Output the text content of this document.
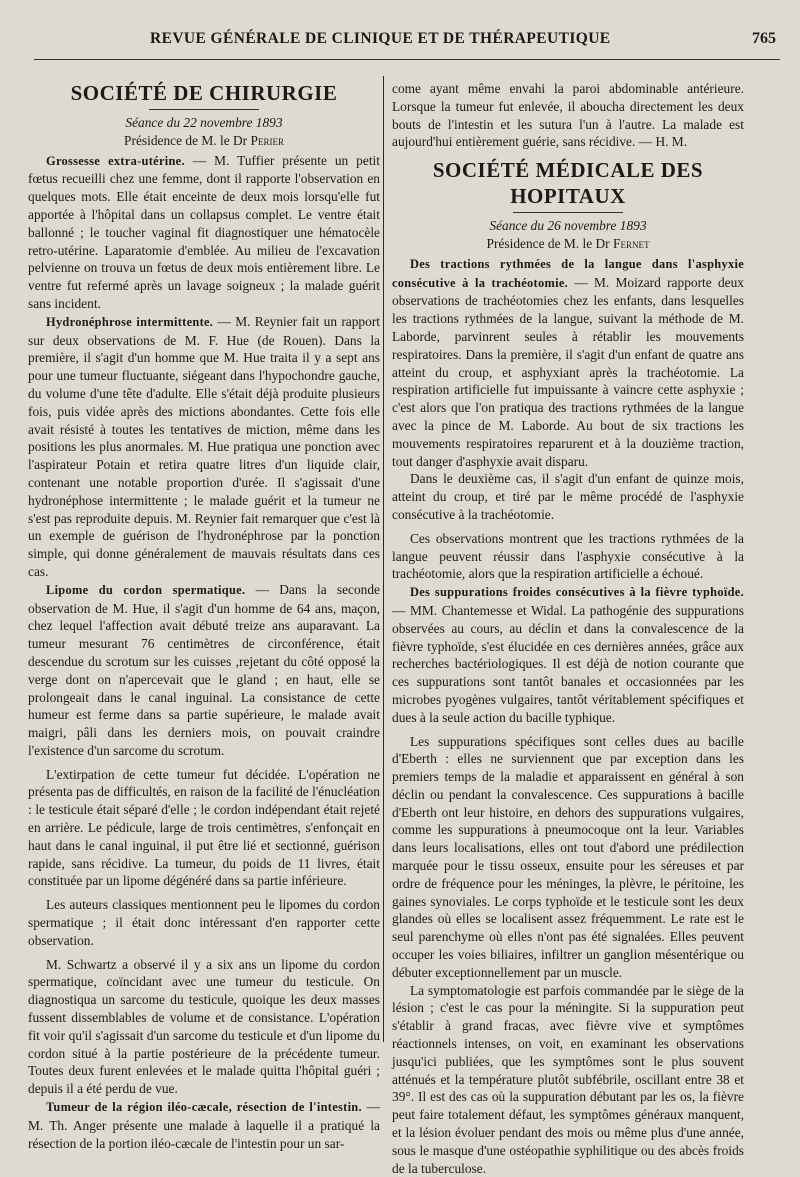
REVUE GÉNÉRALE DE CLINIQUE ET DE THÉRAPEUTIQUE	765
SOCIÉTÉ DE CHIRURGIE
Séance du 22 novembre 1893
Présidence de M. le Dr Perier

Grossesse extra-utérine. — M. Tuffier présente un petit fœtus recueilli chez une femme, dont il rapporte l'observation en quelques mots. Elle était enceinte de deux mois lorsqu'elle fut apportée à l'hôpital dans un collapsus complet. Le ventre était ballonné ; le toucher vaginal fit diagnostiquer une hématocèle retro-utérine. Laparatomie d'emblée. Au milieu de l'excavation pelvienne on trouva un fœtus de deux mois entièrement libre. Le ventre fut refermé après un lavage soigneux ; la malade guérit sans incident.

Hydronéphrose intermittente. — M. Reynier fait un rapport sur deux observations de M. F. Hue (de Rouen). Dans la première, il s'agit d'un homme que M. Hue traita il y a sept ans pour une tumeur fluctuante, siégeant dans l'hypochondre gauche, du volume d'une tête d'adulte. Elle s'était déjà produite plusieurs fois, puis vidée après des mictions abondantes. Cette fois elle avait résisté à toutes les tentatives de miction, même dans les positions les plus anormales. M. Hue pratiqua une ponction avec l'aspirateur Potain et retira quatre litres d'un liquide clair, contenant une notable proportion d'urée. Il s'agissait d'une hydronéphose intermittente ; le malade guérit et la tumeur ne s'est pas reproduite depuis. M. Reynier fait remarquer que c'est là un exemple de guérison de l'hydronéphrose par la ponction simple, qui donne généralement de mauvais résultats dans ces cas.

Lipome du cordon spermatique. — Dans la seconde observation de M. Hue, il s'agit d'un homme de 64 ans, maçon, chez lequel l'affection avait débuté treize ans auparavant. La tumeur mesurant 76 centimètres de circonférence, était descendue du scrotum sur les cuisses ,rejetant du côté opposé la verge dont on n'apercevait que le gland ; en haut, elle se prolongeait dans le canal inguinal. La consistance de cette humeur est ferme dans sa partie supérieure, le malade avait maigri, pâli dans les derniers mois, on pouvait craindre l'existence d'un sarcome du scrotum.

L'extirpation de cette tumeur fut décidée. L'opération ne présenta pas de difficultés, en raison de la facilité de l'énucléation : le testicule était séparé d'elle ; le cordon indépendant était rejeté en arrière. Le pédicule, large de trois centimètres, s'enfonçait en haut dans le canal inguinal, il put être lié et sectionné, guérison rapide, sans récidive. La tumeur, du poids de 11 livres, était constituée par un lipome dégénéré dans sa partie inférieure.

Les auteurs classiques mentionnent peu le lipomes du cordon spermatique ; il était donc intéressant d'en rapporter cette observation.

M. Schwartz a observé il y a six ans un lipome du cordon spermatique, coïncidant avec une tumeur du testicule. On diagnostiqua un sarcome du testicule, quoique les deux masses fussent dissemblables de volume et de consistance. L'opération fit voir qu'il s'agissait d'un sarcome du testicule et d'un lipome du cordon situé à la partie postérieure de la précédente tumeur. Toutes deux furent enlevées et le malade quitta l'hôpital guéri ; depuis il a été perdu de vue.

Tumeur de la région iléo-cæcale, résection de l'intestin. — M. Th. Anger présente une malade à laquelle il a pratiqué la résection de la portion iléo-cæcale de l'intestin pour un sar-

come ayant même envahi la paroi abdominable antérieure. Lorsque la tumeur fut enlevée, il aboucha directement les deux bouts de l'intestin et les sutura l'un à l'autre. La malade est aujourd'hui entièrement guérie, sans récidive. — H. M.

SOCIÉTÉ MÉDICALE DES HOPITAUX
Séance du 26 novembre 1893
Présidence de M. le Dr Fernet

Des tractions rythmées de la langue dans l'asphyxie consécutive à la trachéotomie. — M. Moizard rapporte deux observations de trachéotomies chez les enfants, dans lesquelles les tractions rythmées de la langue, suivant la méthode de M. Laborde, parvinrent seules à rétablir les mouvements respiratoires. Dans la première, il s'agit d'un enfant de quatre ans atteint du croup, et asphyxiant après la trachéotomie. La respiration artificielle fut impuissante à vaincre cette asphyxie ; c'est alors que l'on pratiqua des tractions rythmées de la langue avec la pince de M. Laborde. Au bout de six tractions les mouvements respiratoires reparurent et à la douzième traction, tout danger d'asphyxie avait disparu.

Dans le deuxième cas, il s'agit d'un enfant de quinze mois, atteint du croup, et tiré par le même procédé de l'asphyxie consécutive à la trachéotomie.

Ces observations montrent que les tractions rythmées de la langue peuvent réussir dans l'asphyxie consécutive à la trachéotomie, alors que la respiration artificielle a échoué.

Des suppurations froides consécutives à la fièvre typhoïde. — MM. Chantemesse et Widal. La pathogénie des suppurations observées au cours, au déclin et dans la convalescence de la fièvre typhoïde, s'est élucidée en ces dernières années, grâce aux recherches bactériologiques. Il est déjà de notion courante que ces suppurations sont tantôt banales et occasionnées par les microbes pyogènes vulgaires, tantôt véritablement spécifiques et dues à la seule action du bacille typhique.

Les suppurations spécifiques sont celles dues au bacille d'Eberth : elles ne surviennent que par exception dans les premiers temps de la maladie et apparaissent en général à son déclin ou pendant la convalescence. Ces suppurations à bacille d'Eberth ont leur histoire, en dehors des suppurations vulgaires, comme les suppurations à pneumocoque ont la leur. Variables dans leurs localisations, elles ont tout d'abord une prédilection marquée pour le tissu osseux, ensuite pour les séreuses et par ordre de fréquence pour les méninges, la plèvre, le péritoine, les gaines synoviales. Le corps typhoïde et le testicule sont les deux glandes où elles se localisent assez fréquemment. Le rate est le seul parenchyme où elles n'ont pas été signalées. Elles peuvent occuper les voies biliaires, infiltrer un ganglion mésentérique ou débuter exceptionnellement par un muscle.

La symptomatologie est parfois commandée par le siège de la lésion ; c'est le cas pour la méningite. Si la suppuration peut s'établir à grand fracas, avec fièvre vive et symptômes réactionnels intenses, on voit, en examinant les observations jusqu'ici publiées, que les symptômes sont le plus souvent atténués et la température plutôt subfébrile, oscillant entre 38 et 39°. Il est des cas où la suppuration débutant par les os, la fièvre peut faire totalement défaut, les symptômes généraux manquent, et la lésion évoluer pendant des mois ou même plus d'une année, sous le masque d'une ostéopathie syphilitique ou des abcès froids de la tuberculose.
